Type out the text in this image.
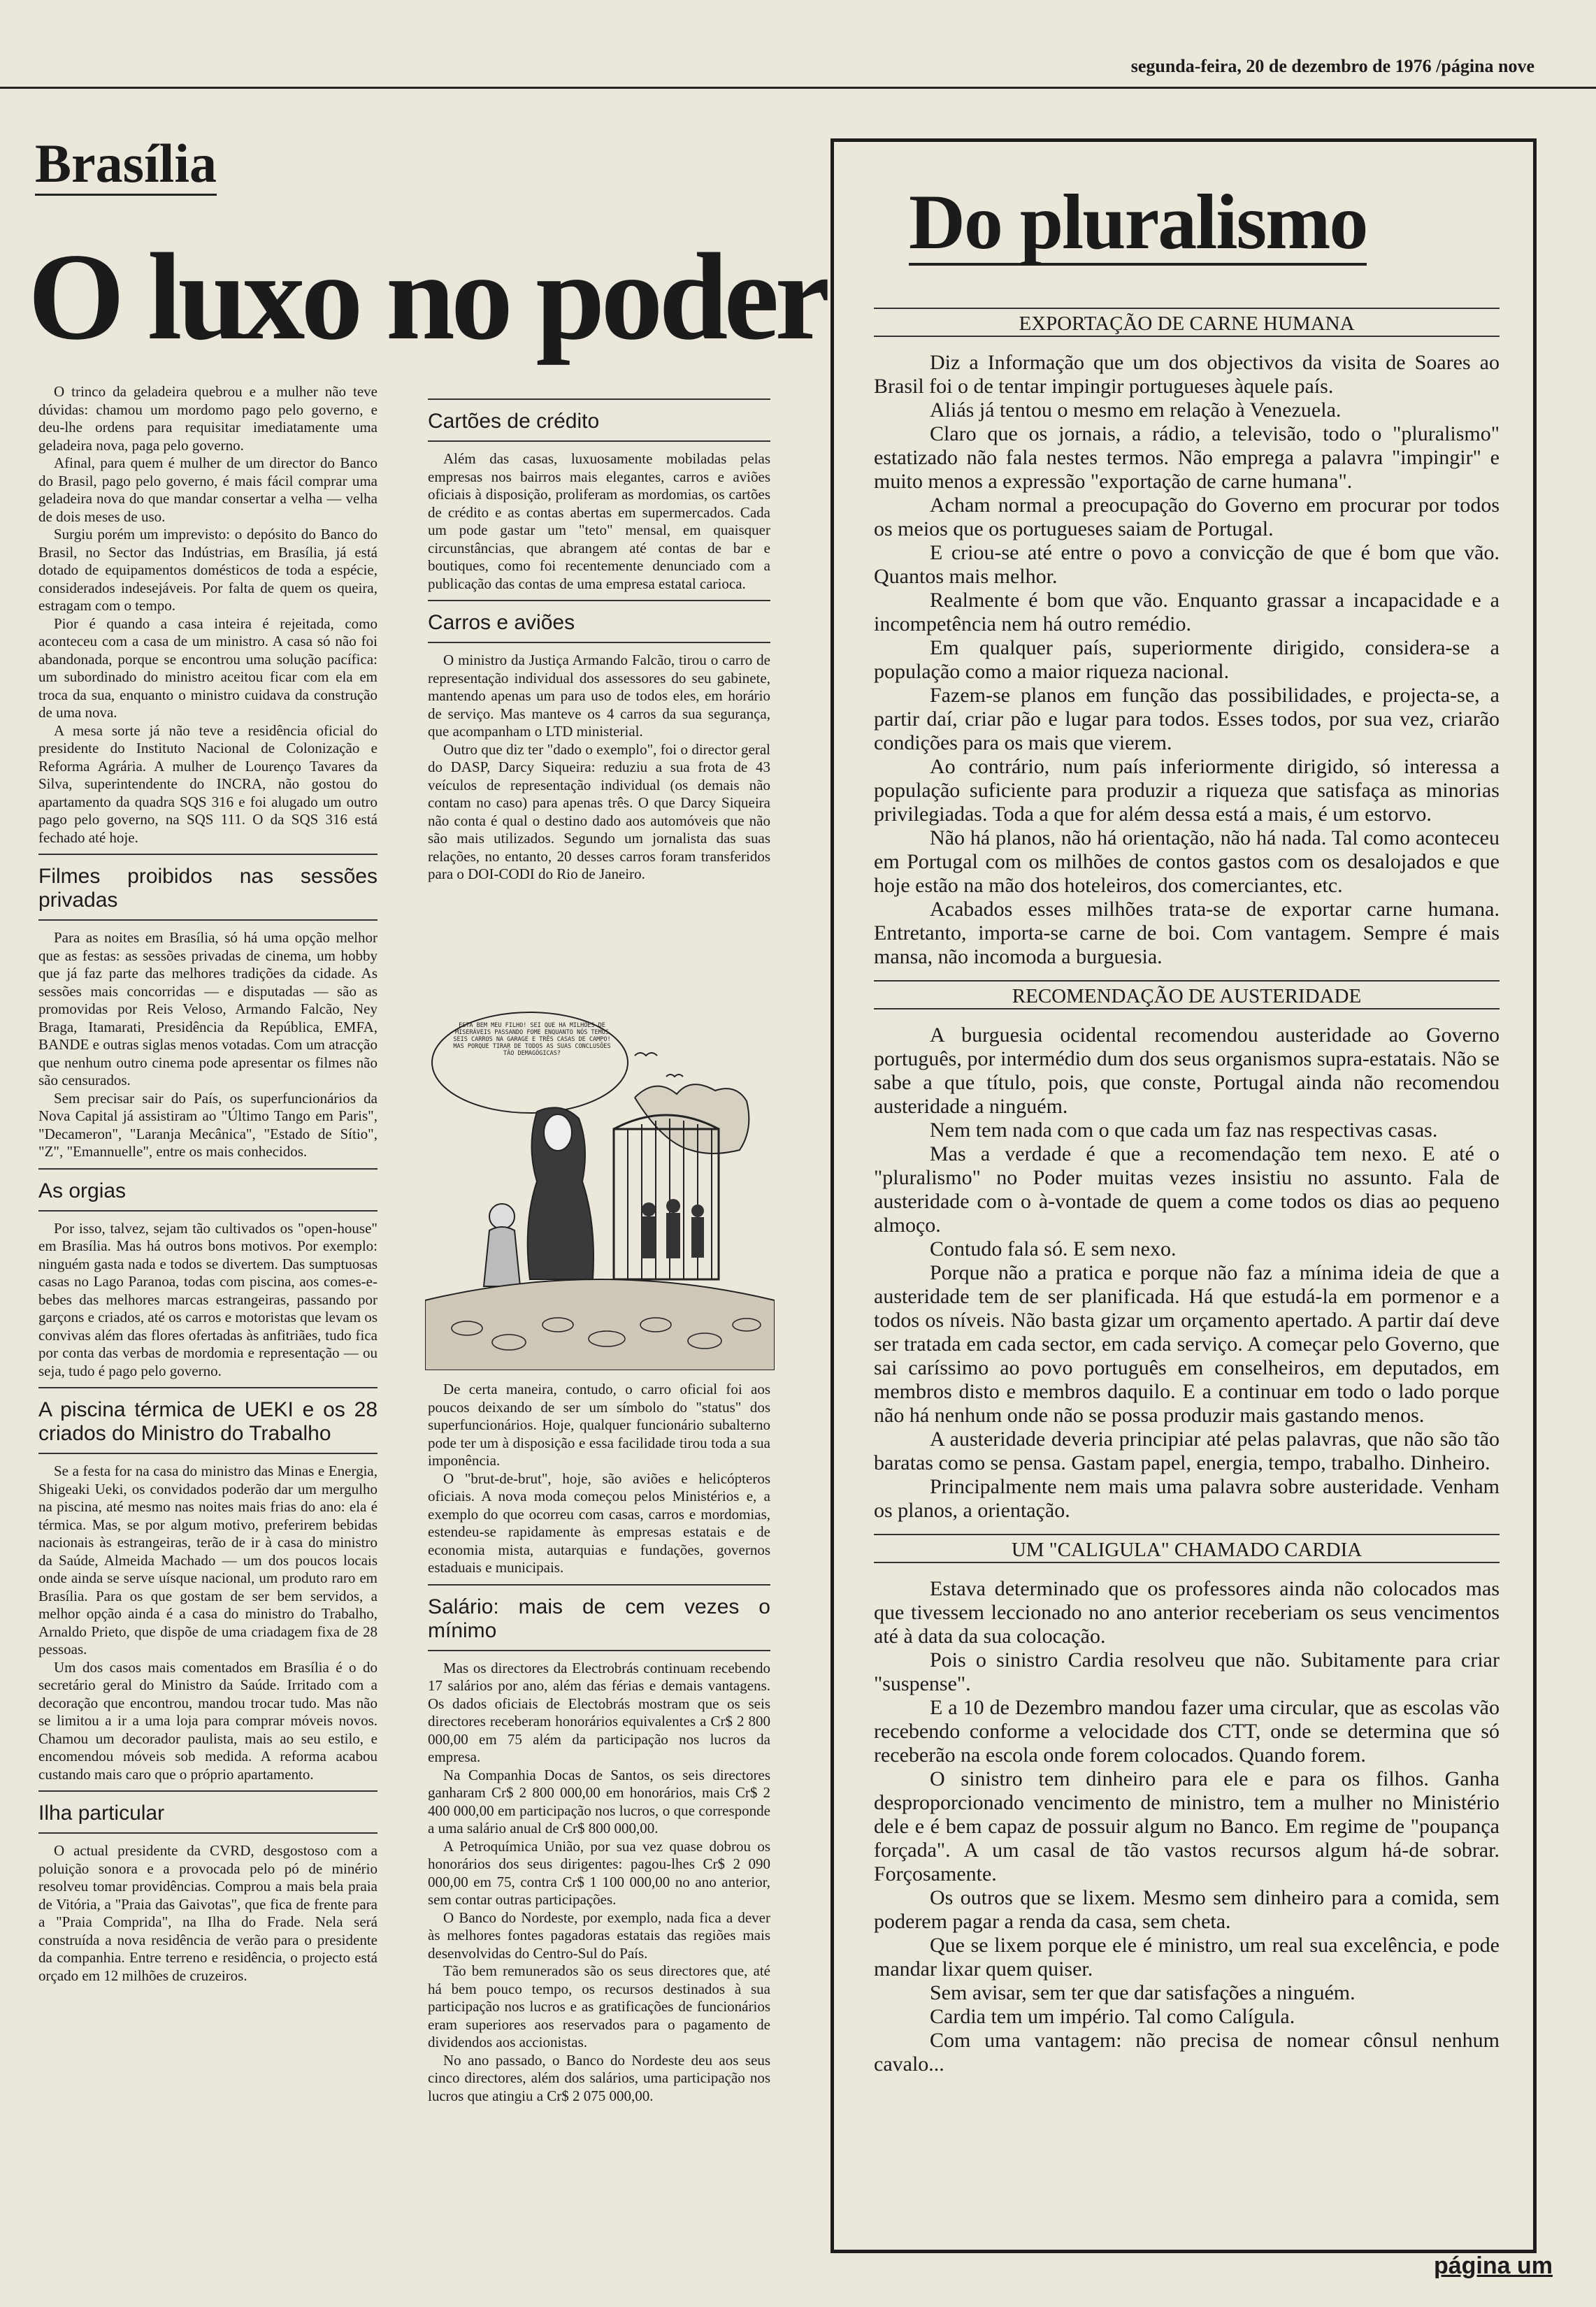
segunda-feira, 20 de dezembro de 1976 /página nove
Brasília
O luxo no poder

O trinco da geladeira quebrou e a mulher não teve dúvidas: chamou um mordomo pago pelo governo, e deu-lhe ordens para requisitar imediatamente uma geladeira nova, paga pelo governo.

Afinal, para quem é mulher de um director do Banco do Brasil, pago pelo governo, é mais fácil comprar uma geladeira nova do que mandar consertar a velha — velha de dois meses de uso.

Surgiu porém um imprevisto: o depósito do Banco do Brasil, no Sector das Indústrias, em Brasília, já está dotado de equipamentos domésticos de toda a espécie, considerados indesejáveis. Por falta de quem os queira, estragam com o tempo.

Pior é quando a casa inteira é rejeitada, como aconteceu com a casa de um ministro. A casa só não foi abandonada, porque se encontrou uma solução pacífica: um subordinado do ministro aceitou ficar com ela em troca da sua, enquanto o ministro cuidava da construção de uma nova.

A mesa sorte já não teve a residência oficial do presidente do Instituto Nacional de Colonização e Reforma Agrária. A mulher de Lourenço Tavares da Silva, superintendente do INCRA, não gostou do apartamento da quadra SQS 316 e foi alugado um outro pago pelo governo, na SQS 111. O da SQS 316 está fechado até hoje.

Filmes proibidos nas sessões privadas

Para as noites em Brasília, só há uma opção melhor que as festas: as sessões privadas de cinema, um hobby que já faz parte das melhores tradições da cidade. As sessões mais concorridas — e disputadas — são as promovidas por Reis Veloso, Armando Falcão, Ney Braga, Itamarati, Presidência da República, EMFA, BANDE e outras siglas menos votadas. Com um atracção que nenhum outro cinema pode apresentar os filmes não são censurados.

Sem precisar sair do País, os superfuncionários da Nova Capital já assistiram ao "Último Tango em Paris", "Decameron", "Laranja Mecânica", "Estado de Sítio", "Z", "Emannuelle", entre os mais conhecidos.

As orgias

Por isso, talvez, sejam tão cultivados os "open-house" em Brasília. Mas há outros bons motivos. Por exemplo: ninguém gasta nada e todos se divertem. Das sumptuosas casas no Lago Paranoa, todas com piscina, aos comes-e-bebes das melhores marcas estrangeiras, passando por garçons e criados, até os carros e motoristas que levam os convivas além das flores ofertadas às anfitriães, tudo fica por conta das verbas de mordomia e representação — ou seja, tudo é pago pelo governo.

A piscina térmica de UEKI e os 28 criados do Ministro do Trabalho

Se a festa for na casa do ministro das Minas e Energia, Shigeaki Ueki, os convidados poderão dar um mergulho na piscina, até mesmo nas noites mais frias do ano: ela é térmica. Mas, se por algum motivo, preferirem bebidas nacionais às estrangeiras, terão de ir à casa do ministro da Saúde, Almeida Machado — um dos poucos locais onde ainda se serve uísque nacional, um produto raro em Brasília. Para os que gostam de ser bem servidos, a melhor opção ainda é a casa do ministro do Trabalho, Arnaldo Prieto, que dispõe de uma criadagem fixa de 28 pessoas.

Um dos casos mais comentados em Brasília é o do secretário geral do Ministro da Saúde. Irritado com a decoração que encontrou, mandou trocar tudo. Mas não se limitou a ir a uma loja para comprar móveis novos. Chamou um decorador paulista, mais ao seu estilo, e encomendou móveis sob medida. A reforma acabou custando mais caro que o próprio apartamento.

Ilha particular

O actual presidente da CVRD, desgostoso com a poluição sonora e a provocada pelo pó de minério resolveu tomar providências. Comprou a mais bela praia de Vitória, a "Praia das Gaivotas", que fica de frente para a "Praia Comprida", na Ilha do Frade. Nela será construída a nova residência de verão para o presidente da companhia. Entre terreno e residência, o projecto está orçado em 12 milhões de cruzeiros.

Cartões de crédito

Além das casas, luxuosamente mobiladas pelas empresas nos bairros mais elegantes, carros e aviões oficiais à disposição, proliferam as mordomias, os cartões de crédito e as contas abertas em supermercados. Cada um pode gastar um "teto" mensal, em quaisquer circunstâncias, que abrangem até contas de bar e boutiques, como foi recentemente denunciado com a publicação das contas de uma empresa estatal carioca.

Carros e aviões

O ministro da Justiça Armando Falcão, tirou o carro de representação individual dos assessores do seu gabinete, mantendo apenas um para uso de todos eles, em horário de serviço. Mas manteve os 4 carros da sua segurança, que acompanham o LTD ministerial.

Outro que diz ter "dado o exemplo", foi o director geral do DASP, Darcy Siqueira: reduziu a sua frota de 43 veículos de representação individual (os demais não contam no caso) para apenas três. O que Darcy Siqueira não conta é qual o destino dado aos automóveis que não são mais utilizados. Segundo um jornalista das suas relações, no entanto, 20 desses carros foram transferidos para o DOI-CODI do Rio de Janeiro.

ESTA BEM MEU FILHO! SEI QUE HÁ MILHÕES DE MISERÁVEIS PASSANDO FOME ENQUANTO NÓS TEMOS SEIS CARROS NA GARAGE E TRÊS CASAS DE CAMPO! MAS PORQUE TIRAR DE TODOS AS SUAS CONCLUSÕES TÃO DEMAGÓGICAS?

De certa maneira, contudo, o carro oficial foi aos poucos deixando de ser um símbolo do "status" dos superfuncionários. Hoje, qualquer funcionário subalterno pode ter um à disposição e essa facilidade tirou toda a sua imponência.

O "brut-de-brut", hoje, são aviões e helicópteros oficiais. A nova moda começou pelos Ministérios e, a exemplo do que ocorreu com casas, carros e mordomias, estendeu-se rapidamente às empresas estatais e de economia mista, autarquias e fundações, governos estaduais e municipais.

Salário: mais de cem vezes o mínimo

Mas os directores da Electrobrás continuam recebendo 17 salários por ano, além das férias e demais vantagens. Os dados oficiais de Electobrás mostram que os seis directores receberam honorários equivalentes a Cr$ 2 800 000,00 em 75 além da participação nos lucros da empresa.

Na Companhia Docas de Santos, os seis directores ganharam Cr$ 2 800 000,00 em honorários, mais Cr$ 2 400 000,00 em participação nos lucros, o que corresponde a uma salário anual de Cr$ 800 000,00.

A Petroquímica União, por sua vez quase dobrou os honorários dos seus dirigentes: pagou-lhes Cr$ 2 090 000,00 em 75, contra Cr$ 1 100 000,00 no ano anterior, sem contar outras participações.

O Banco do Nordeste, por exemplo, nada fica a dever às melhores fontes pagadoras estatais das regiões mais desenvolvidas do Centro-Sul do País.

Tão bem remunerados são os seus directores que, até há bem pouco tempo, os recursos destinados à sua participação nos lucros e as gratificações de funcionários eram superiores aos reservados para o pagamento de dividendos aos accionistas.

No ano passado, o Banco do Nordeste deu aos seus cinco directores, além dos salários, uma participação nos lucros que atingiu a Cr$ 2 075 000,00.

Do pluralismo
EXPORTAÇÃO DE CARNE HUMANA

Diz a Informação que um dos objectivos da visita de Soares ao Brasil foi o de tentar impingir portugueses àquele país.

Aliás já tentou o mesmo em relação à Venezuela.

Claro que os jornais, a rádio, a televisão, todo o "pluralismo" estatizado não fala nestes termos. Não emprega a palavra "impingir" e muito menos a expressão "exportação de carne humana".

Acham normal a preocupação do Governo em procurar por todos os meios que os portugueses saiam de Portugal.

E criou-se até entre o povo a convicção de que é bom que vão. Quantos mais melhor.

Realmente é bom que vão. Enquanto grassar a incapacidade e a incompetência nem há outro remédio.

Em qualquer país, superiormente dirigido, considera-se a população como a maior riqueza nacional.

Fazem-se planos em função das possibilidades, e projecta-se, a partir daí, criar pão e lugar para todos. Esses todos, por sua vez, criarão condições para os mais que vierem.

Ao contrário, num país inferiormente dirigido, só interessa a população suficiente para produzir a riqueza que satisfaça as minorias privilegiadas. Toda a que for além dessa está a mais, é um estorvo.

Não há planos, não há orientação, não há nada. Tal como aconteceu em Portugal com os milhões de contos gastos com os desalojados e que hoje estão na mão dos hoteleiros, dos comerciantes, etc.

Acabados esses milhões trata-se de exportar carne humana. Entretanto, importa-se carne de boi. Com vantagem. Sempre é mais mansa, não incomoda a burguesia.

RECOMENDAÇÃO DE AUSTERIDADE

A burguesia ocidental recomendou austeridade ao Governo português, por intermédio dum dos seus organismos supra-estatais. Não se sabe a que título, pois, que conste, Portugal ainda não recomendou austeridade a ninguém.

Nem tem nada com o que cada um faz nas respectivas casas.

Mas a verdade é que a recomendação tem nexo. E até o "pluralismo" no Poder muitas vezes insistiu no assunto. Fala de austeridade com o à-vontade de quem a come todos os dias ao pequeno almoço.

Contudo fala só. E sem nexo.

Porque não a pratica e porque não faz a mínima ideia de que a austeridade tem de ser planificada. Há que estudá-la em pormenor e a todos os níveis. Não basta gizar um orçamento apertado. A partir daí deve ser tratada em cada sector, em cada serviço. A começar pelo Governo, que sai caríssimo ao povo português em conselheiros, em deputados, em membros disto e membros daquilo. E a continuar em todo o lado porque não há nenhum onde não se possa produzir mais gastando menos.

A austeridade deveria principiar até pelas palavras, que não são tão baratas como se pensa. Gastam papel, energia, tempo, trabalho. Dinheiro.

Principalmente nem mais uma palavra sobre austeridade. Venham os planos, a orientação.

UM "CALIGULA" CHAMADO CARDIA

Estava determinado que os professores ainda não colocados mas que tivessem leccionado no ano anterior receberiam os seus vencimentos até à data da sua colocação.

Pois o sinistro Cardia resolveu que não. Subitamente para criar "suspense".

E a 10 de Dezembro mandou fazer uma circular, que as escolas vão recebendo conforme a velocidade dos CTT, onde se determina que só receberão na escola onde forem colocados. Quando forem.

O sinistro tem dinheiro para ele e para os filhos. Ganha desproporcionado vencimento de ministro, tem a mulher no Ministério dele e é bem capaz de possuir algum no Banco. Em regime de "poupança forçada". A um casal de tão vastos recursos algum há-de sobrar. Forçosamente.

Os outros que se lixem. Mesmo sem dinheiro para a comida, sem poderem pagar a renda da casa, sem cheta.

Que se lixem porque ele é ministro, um real sua excelência, e pode mandar lixar quem quiser.

Sem avisar, sem ter que dar satisfações a ninguém.

Cardia tem um império. Tal como Calígula.

Com uma vantagem: não precisa de nomear cônsul nenhum cavalo...

página um
